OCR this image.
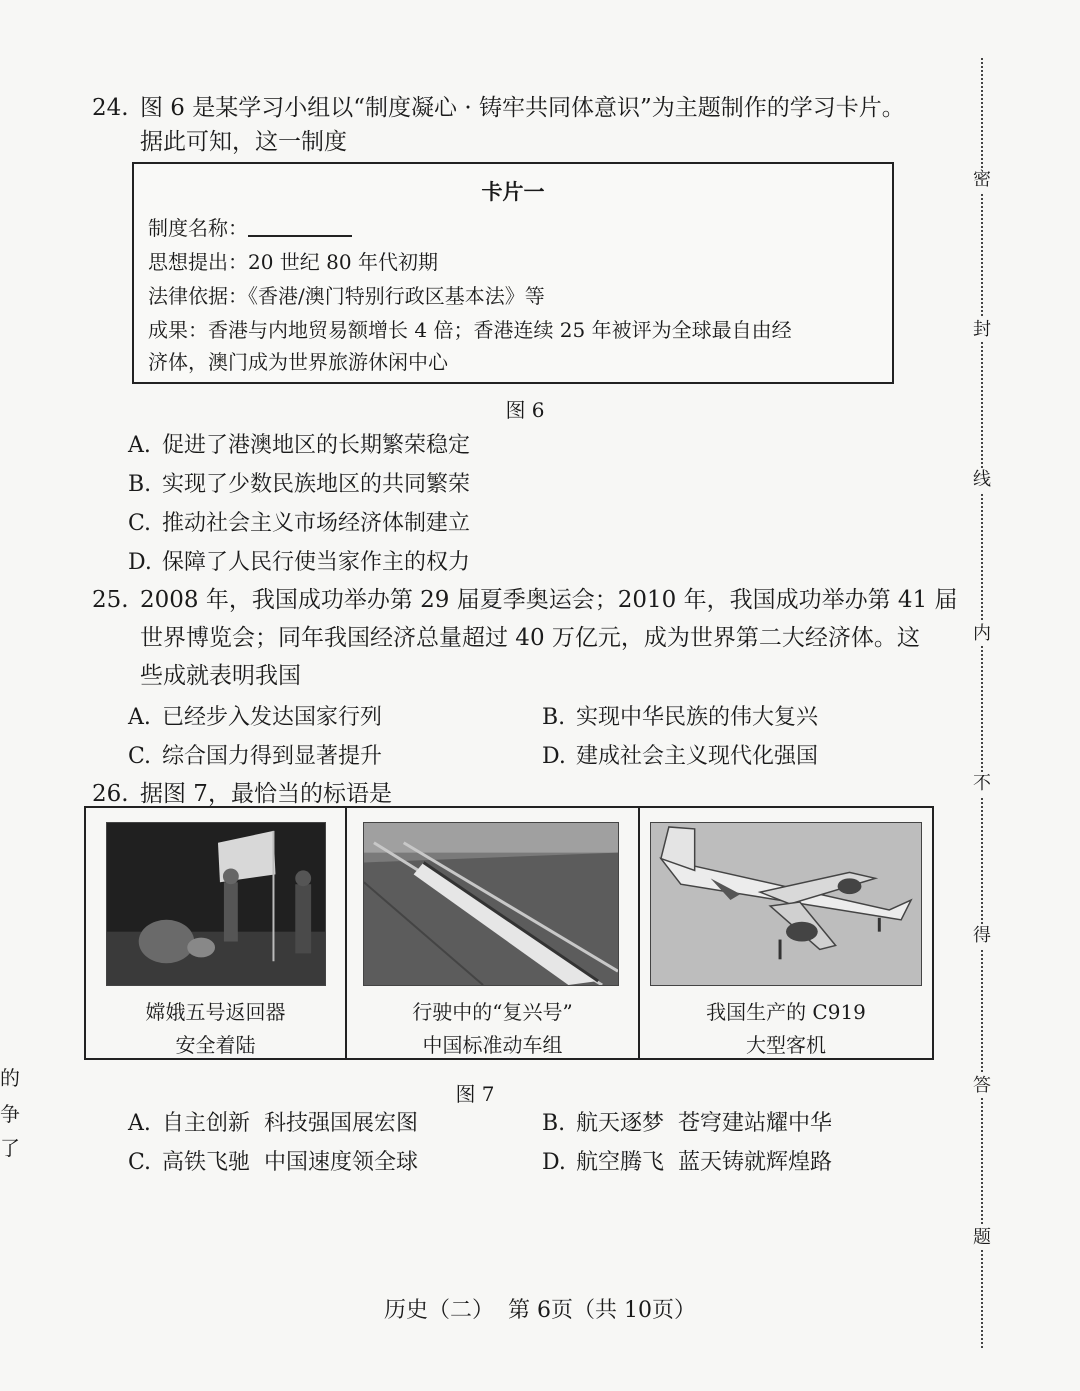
24. 图 6 是某学习小组以“制度凝心 · 铸牢共同体意识”为主题制作的学习卡片。
据此可知，这一制度
卡片一
制度名称：
思想提出：20 世纪 80 年代初期
法律依据：《香港/澳门特别行政区基本法》等
成果：香港与内地贸易额增长 4 倍；香港连续 25 年被评为全球最自由经
济体，澳门成为世界旅游休闲中心
图 6
A. 促进了港澳地区的长期繁荣稳定
B. 实现了少数民族地区的共同繁荣
C. 推动社会主义市场经济体制建立
D. 保障了人民行使当家作主的权力
25. 2008 年，我国成功举办第 29 届夏季奥运会；2010 年，我国成功举办第 41 届
世界博览会；同年我国经济总量超过 40 万亿元，成为世界第二大经济体。这
些成就表明我国
A. 已经步入发达国家行列	B. 实现中华民族的伟大复兴
C. 综合国力得到显著提升	D. 建成社会主义现代化强国
26. 据图 7，最恰当的标语是
嫦娥五号返回器
安全着陆
行驶中的“复兴号”
中国标准动车组
我国生产的 C919
大型客机
图 7
A. 自主创新  科技强国展宏图	B. 航天逐梦  苍穹建站耀中华
C. 高铁飞驰  中国速度领全球	D. 航空腾飞  蓝天铸就辉煌路
密
封
线
内
不
得
答
题
的
争
了
历史（二）  第 6页（共 10页）
